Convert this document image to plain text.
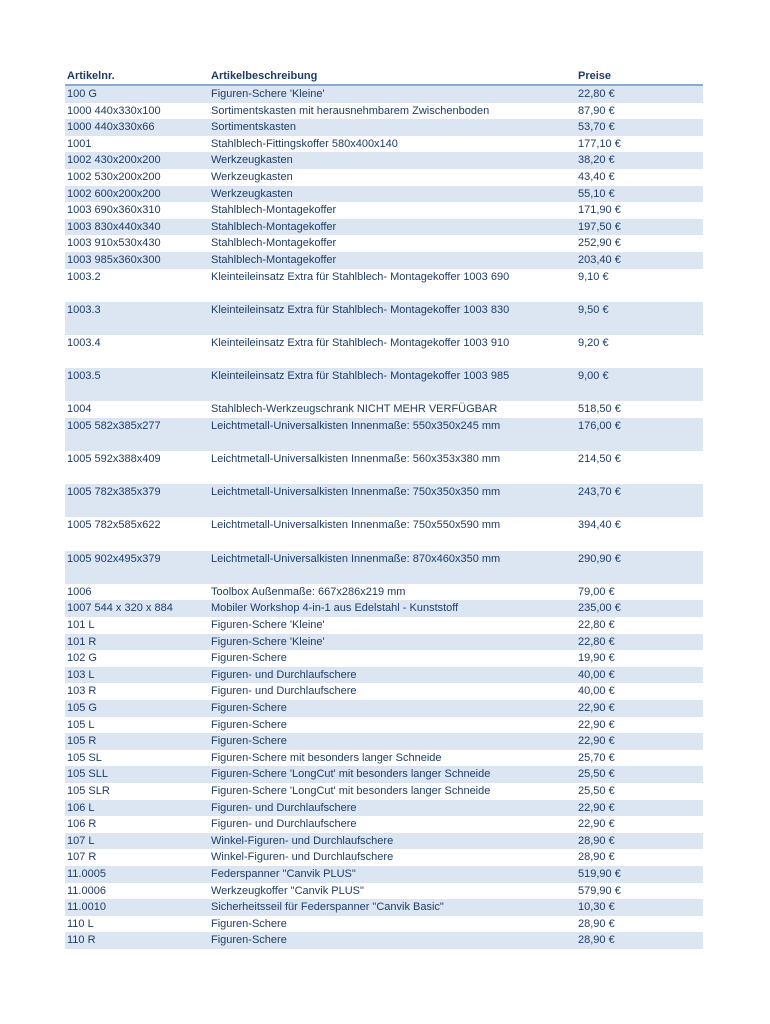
Artikelnr.	Artikelbeschreibung	Preise
100 G	Figuren-Schere 'Kleine'	22,80 €
1000 440x330x100	Sortimentskasten mit herausnehmbarem Zwischenboden	87,90 €
1000 440x330x66	Sortimentskasten	53,70 €
1001	Stahlblech-Fittingskoffer 580x400x140	177,10 €
1002 430x200x200	Werkzeugkasten	38,20 €
1002 530x200x200	Werkzeugkasten	43,40 €
1002 600x200x200	Werkzeugkasten	55,10 €
1003 690x360x310	Stahlblech-Montagekoffer	171,90 €
1003 830x440x340	Stahlblech-Montagekoffer	197,50 €
1003 910x530x430	Stahlblech-Montagekoffer	252,90 €
1003 985x360x300	Stahlblech-Montagekoffer	203,40 €
1003.2	Kleinteileinsatz Extra für Stahlblech- Montagekoffer 1003 690	9,10 €
1003.3	Kleinteileinsatz Extra für Stahlblech- Montagekoffer 1003 830	9,50 €
1003.4	Kleinteileinsatz Extra für Stahlblech- Montagekoffer 1003 910	9,20 €
1003.5	Kleinteileinsatz Extra für Stahlblech- Montagekoffer 1003 985	9,00 €
1004	Stahlblech-Werkzeugschrank NICHT MEHR VERFÜGBAR	518,50 €
1005 582x385x277	Leichtmetall-Universalkisten Innenmaße: 550x350x245 mm	176,00 €
1005 592x388x409	Leichtmetall-Universalkisten Innenmaße: 560x353x380 mm	214,50 €
1005 782x385x379	Leichtmetall-Universalkisten Innenmaße: 750x350x350 mm	243,70 €
1005 782x585x622	Leichtmetall-Universalkisten Innenmaße: 750x550x590 mm	394,40 €
1005 902x495x379	Leichtmetall-Universalkisten Innenmaße: 870x460x350 mm	290,90 €
1006	Toolbox Außenmaße: 667x286x219 mm	79,00 €
1007 544 x 320 x 884	Mobiler Workshop 4-in-1 aus Edelstahl - Kunststoff	235,00 €
101 L	Figuren-Schere 'Kleine'	22,80 €
101 R	Figuren-Schere 'Kleine'	22,80 €
102 G	Figuren-Schere	19,90 €
103 L	Figuren- und Durchlaufschere	40,00 €
103 R	Figuren- und Durchlaufschere	40,00 €
105 G	Figuren-Schere	22,90 €
105 L	Figuren-Schere	22,90 €
105 R	Figuren-Schere	22,90 €
105 SL	Figuren-Schere mit besonders langer Schneide	25,70 €
105 SLL	Figuren-Schere 'LongCut' mit besonders langer Schneide	25,50 €
105 SLR	Figuren-Schere 'LongCut' mit besonders langer Schneide	25,50 €
106 L	Figuren- und Durchlaufschere	22,90 €
106 R	Figuren- und Durchlaufschere	22,90 €
107 L	Winkel-Figuren- und Durchlaufschere	28,90 €
107 R	Winkel-Figuren- und Durchlaufschere	28,90 €
11.0005	Federspanner "Canvik PLUS"	519,90 €
11.0006	Werkzeugkoffer "Canvik PLUS"	579,90 €
11.0010	Sicherheitsseil für Federspanner "Canvik Basic"	10,30 €
110 L	Figuren-Schere	28,90 €
110 R	Figuren-Schere	28,90 €
